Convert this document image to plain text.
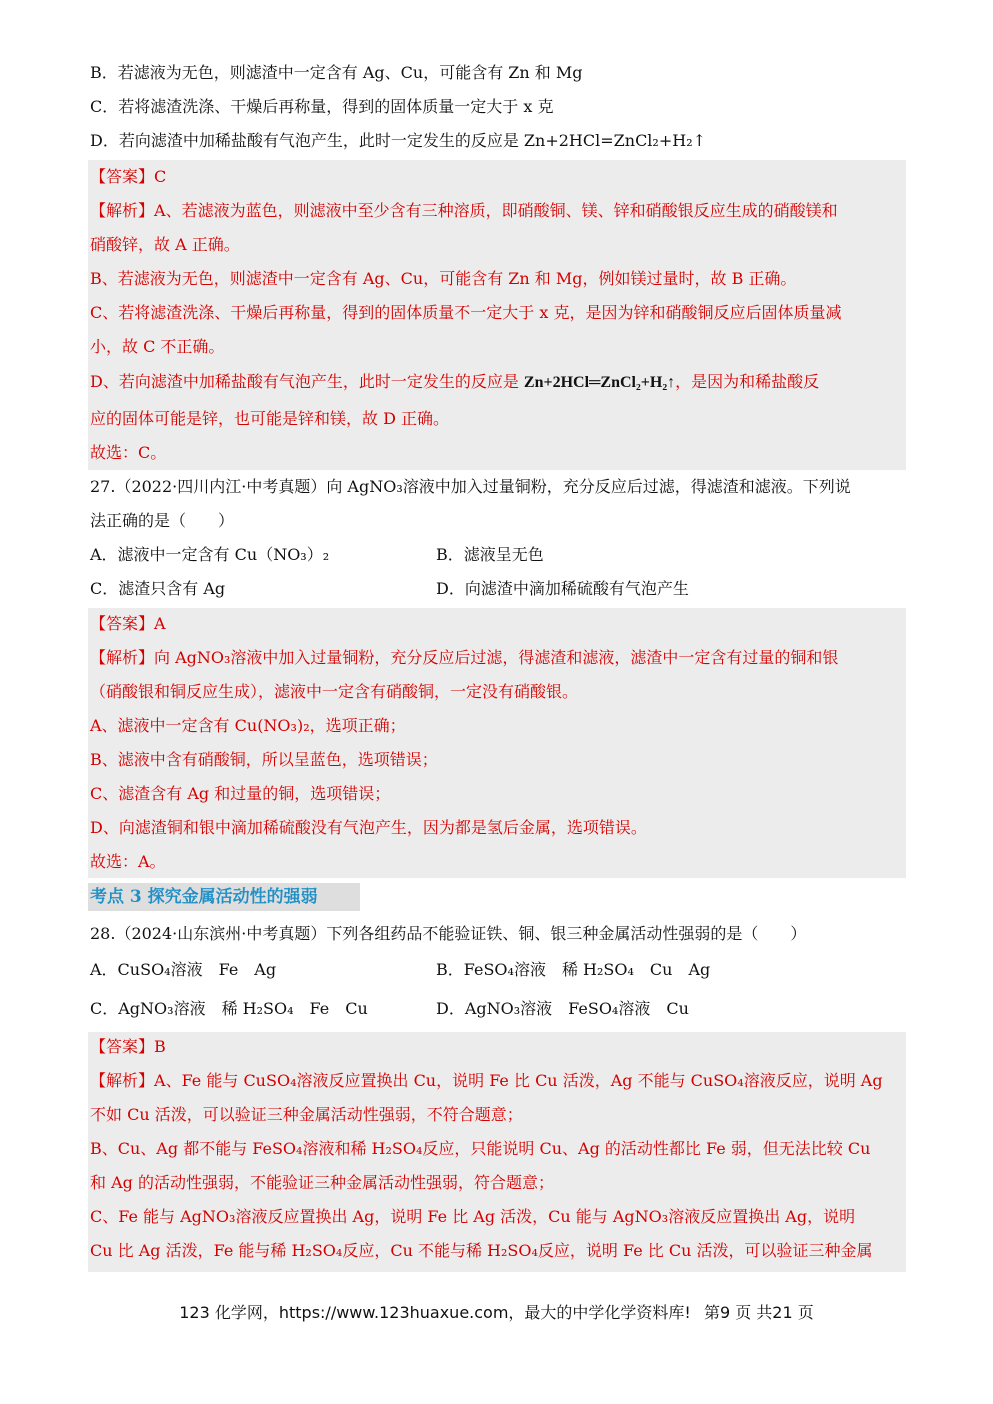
B．若滤液为无色，则滤渣中一定含有 Ag、Cu，可能含有 Zn 和 Mg
C．若将滤渣洗涤、干燥后再称量，得到的固体质量一定大于 x 克
D．若向滤渣中加稀盐酸有气泡产生，此时一定发生的反应是 Zn+2HCl=ZnCl₂+H₂↑
【答案】C
【解析】A、若滤液为蓝色，则滤液中至少含有三种溶质，即硝酸铜、镁、锌和硝酸银反应生成的硝酸镁和
硝酸锌，故 A 正确。
B、若滤液为无色，则滤渣中一定含有 Ag、Cu，可能含有 Zn 和 Mg，例如镁过量时，故 B 正确。
C、若将滤渣洗涤、干燥后再称量，得到的固体质量不一定大于 x 克，是因为锌和硝酸铜反应后固体质量减
小，故 C 不正确。
D、若向滤渣中加稀盐酸有气泡产生，此时一定发生的反应是 Zn+2HCl═ZnCl₂+H₂↑，是因为和稀盐酸反
应的固体可能是锌，也可能是锌和镁，故 D 正确。
故选：C。
27.（2022·四川内江·中考真题）向 AgNO₃溶液中加入过量铜粉，充分反应后过滤，得滤渣和滤液。下列说
法正确的是（　　）
A．滤液中一定含有 Cu（NO₃）₂	B．滤液呈无色
C．滤渣只含有 Ag	D．向滤渣中滴加稀硫酸有气泡产生
【答案】A
【解析】向 AgNO₃溶液中加入过量铜粉，充分反应后过滤，得滤渣和滤液，滤渣中一定含有过量的铜和银
（硝酸银和铜反应生成），滤液中一定含有硝酸铜，一定没有硝酸银。
A、滤液中一定含有 Cu(NO₃)₂，选项正确；
B、滤液中含有硝酸铜，所以呈蓝色，选项错误；
C、滤渣含有 Ag 和过量的铜，选项错误；
D、向滤渣铜和银中滴加稀硫酸没有气泡产生，因为都是氢后金属，选项错误。
故选：A。
考点 3 探究金属活动性的强弱
28.（2024·山东滨州·中考真题）下列各组药品不能验证铁、铜、银三种金属活动性强弱的是（　　）
A．CuSO₄溶液　Fe　Ag	B．FeSO₄溶液　稀 H₂SO₄　Cu　Ag
C．AgNO₃溶液　稀 H₂SO₄　Fe　Cu	D．AgNO₃溶液　FeSO₄溶液　Cu
【答案】B
【解析】A、Fe 能与 CuSO₄溶液反应置换出 Cu，说明 Fe 比 Cu 活泼，Ag 不能与 CuSO₄溶液反应，说明 Ag
不如 Cu 活泼，可以验证三种金属活动性强弱，不符合题意；
B、Cu、Ag 都不能与 FeSO₄溶液和稀 H₂SO₄反应，只能说明 Cu、Ag 的活动性都比 Fe 弱，但无法比较 Cu
和 Ag 的活动性强弱，不能验证三种金属活动性强弱，符合题意；
C、Fe 能与 AgNO₃溶液反应置换出 Ag，说明 Fe 比 Ag 活泼，Cu 能与 AgNO₃溶液反应置换出 Ag，说明
Cu 比 Ag 活泼，Fe 能与稀 H₂SO₄反应，Cu 不能与稀 H₂SO₄反应，说明 Fe 比 Cu 活泼，可以验证三种金属
123 化学网，https://www.123huaxue.com，最大的中学化学资料库! 第9 页 共21 页
